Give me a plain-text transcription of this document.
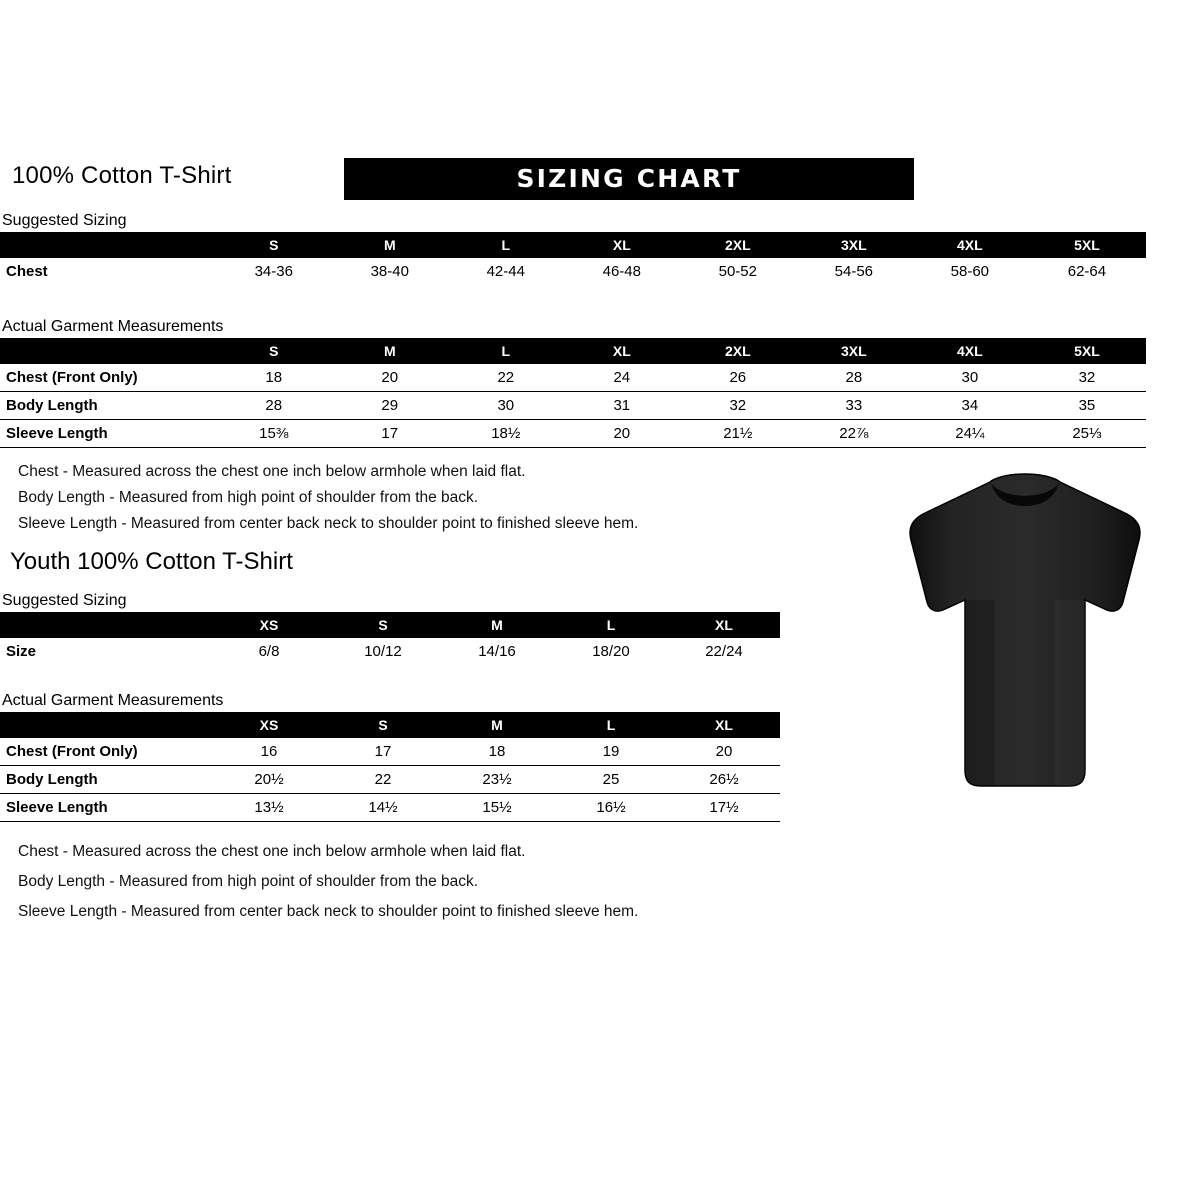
100% Cotton T-Shirt	SIZING CHART
Suggested Sizing
	S	M	L	XL	2XL	3XL	4XL	5XL
Chest	34-36	38-40	42-44	46-48	50-52	54-56	58-60	62-64
Actual Garment Measurements
	S	M	L	XL	2XL	3XL	4XL	5XL
Chest (Front Only)	18	20	22	24	26	28	30	32
Body Length	28	29	30	31	32	33	34	35
Sleeve Length	15⅜	17	18½	20	21½	22⅞	24¼	25⅓
Chest - Measured across the chest one inch below armhole when laid flat.
Body Length - Measured from high point of shoulder from the back.
Sleeve Length - Measured from center back neck to shoulder point to finished sleeve hem.
Youth 100% Cotton T-Shirt
Suggested Sizing
	XS	S	M	L	XL
Size	6/8	10/12	14/16	18/20	22/24
Actual Garment Measurements
	XS	S	M	L	XL
Chest (Front Only)	16	17	18	19	20
Body Length	20½	22	23½	25	26½
Sleeve Length	13½	14½	15½	16½	17½
Chest - Measured across the chest one inch below armhole when laid flat.
Body Length - Measured from high point of shoulder from the back.
Sleeve Length - Measured from center back neck to shoulder point to finished sleeve hem.
